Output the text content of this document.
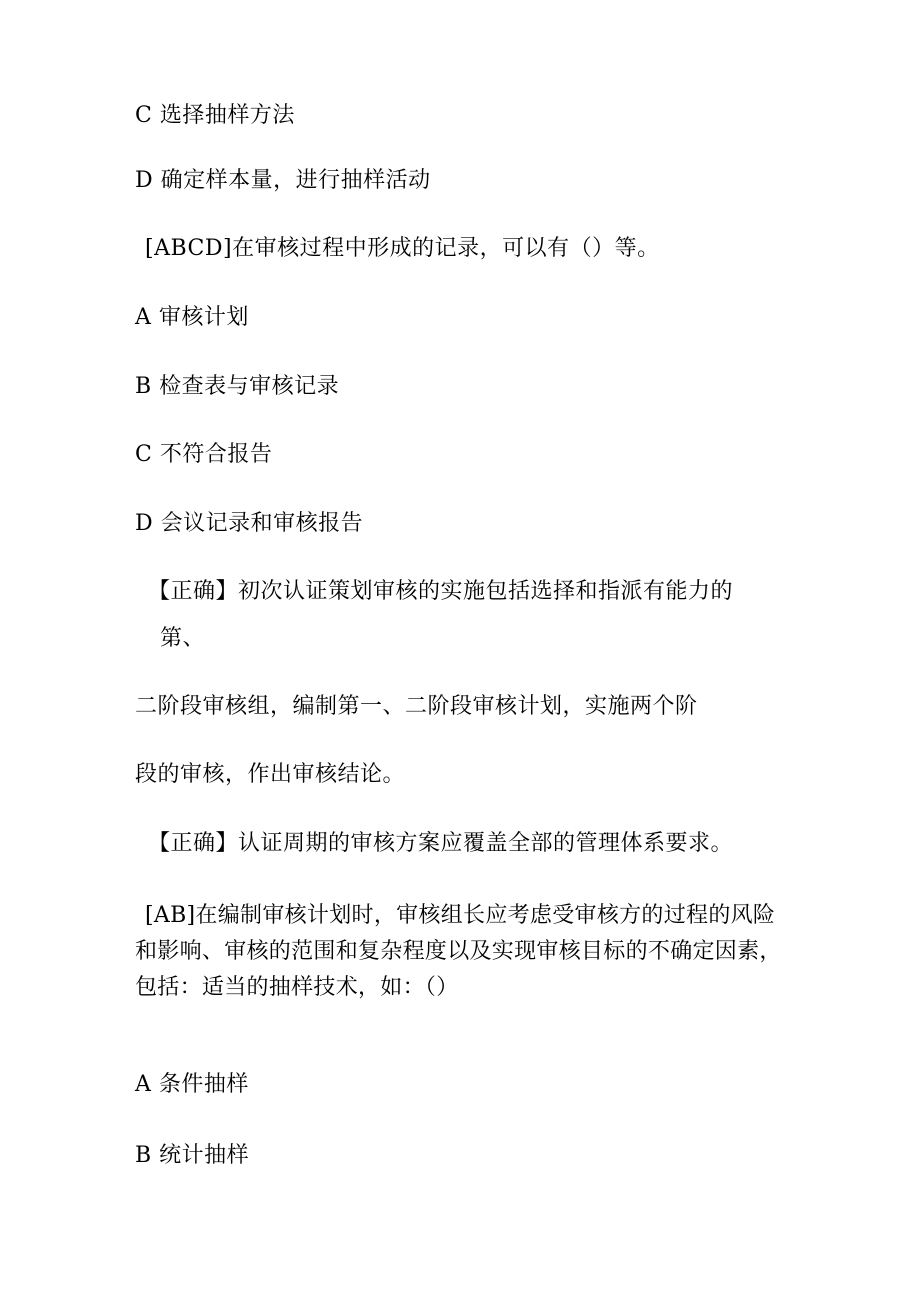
C 选择抽样方法
D 确定样本量，进行抽样活动
[ABCD]在审核过程中形成的记录，可以有（）等。
A 审核计划
B 检查表与审核记录
C 不符合报告
D 会议记录和审核报告
【正确】初次认证策划审核的实施包括选择和指派有能力的
第、
二阶段审核组，编制第一、二阶段审核计划，实施两个阶
段的审核，作出审核结论。
【正确】认证周期的审核方案应覆盖全部的管理体系要求。
[AB]在编制审核计划时，审核组长应考虑受审核方的过程的风险
和影响、审核的范围和复杂程度以及实现审核目标的不确定因素，
包括：适当的抽样技术，如：（）
A 条件抽样
B 统计抽样
